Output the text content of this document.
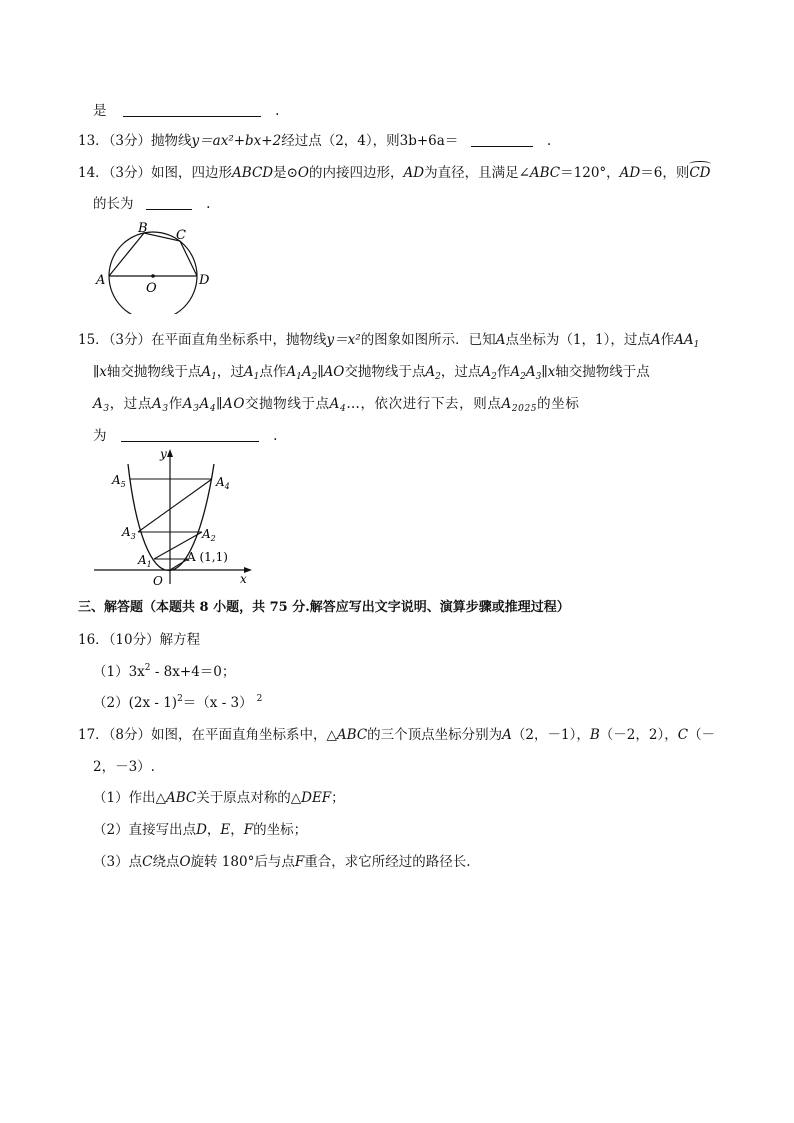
是	.
13．（3分）抛物线y＝ax²+bx+2经过点（2，4），则3b+6a＝	.
14．（3分）如图，四边形ABCD是⊙O的内接四边形，AD为直径，且满足∠ABC＝120°，AD＝6，则CD
的长为	.
A
B C
D
O
15．（3分）在平面直角坐标系中，抛物线y＝x²的图象如图所示．已知A点坐标为（1，1），过点A作$AA_1$
∥x轴交抛物线于点$A_1$，过$A_1$点作$A_1A_2\parallel AO$交抛物线于点$A_2$，过点$A_2$作$A_2A_3\parallel x$轴交抛物线于点
$A_3$，过点$A_3$作$A_3A_4\parallel AO$交抛物线于点$A_4\dots$，依次进行下去，则点$A_{2025}$的坐标
为	.
y
x
O
$A_5$	$A_4$
$A_3$	$A_2$
$A_1$
A (1,1)
三、解答题（本题共 8 小题，共 75 分.解答应写出文字说明、演算步骤或推理过程）
16．（10分）解方程
$(1)3x^2 - 8x+4=0$；
（2）(2x - 1)$^2$＝（x - 3） $^2$
17．（8分）如图，在平面直角坐标系中，△ABC的三个顶点坐标分别为A（2，－1），B（－2，2），C（－
2，－3）.
（1）作出△ABC关于原点对称的△DEF；
（2）直接写出点D，E，F的坐标；
（3）点C绕点O旋转 180°后与点F重合，求它所经过的路径长.
